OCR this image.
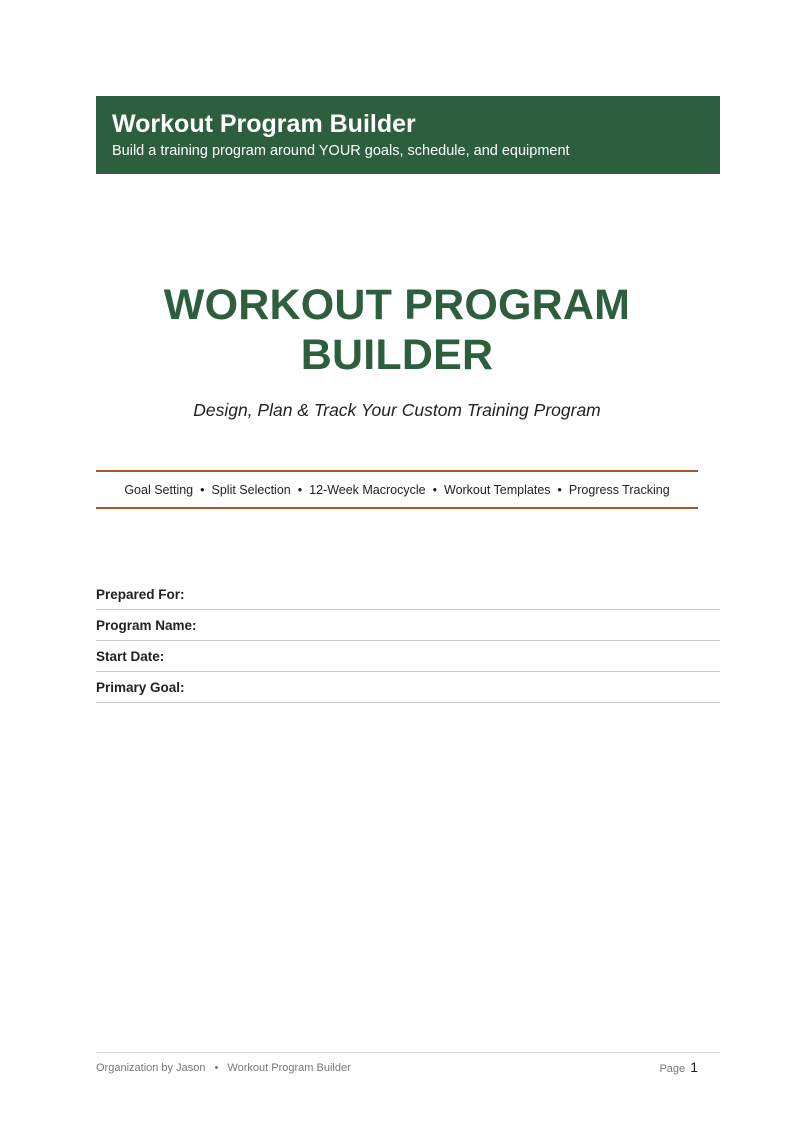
Workout Program Builder
Build a training program around YOUR goals, schedule, and equipment
WORKOUT PROGRAM
BUILDER
Design, Plan & Track Your Custom Training Program
Goal Setting • Split Selection • 12-Week Macrocycle • Workout Templates • Progress Tracking
Prepared For:
Program Name:
Start Date:
Primary Goal:
Organization by Jason • Workout Program Builder	Page 1
